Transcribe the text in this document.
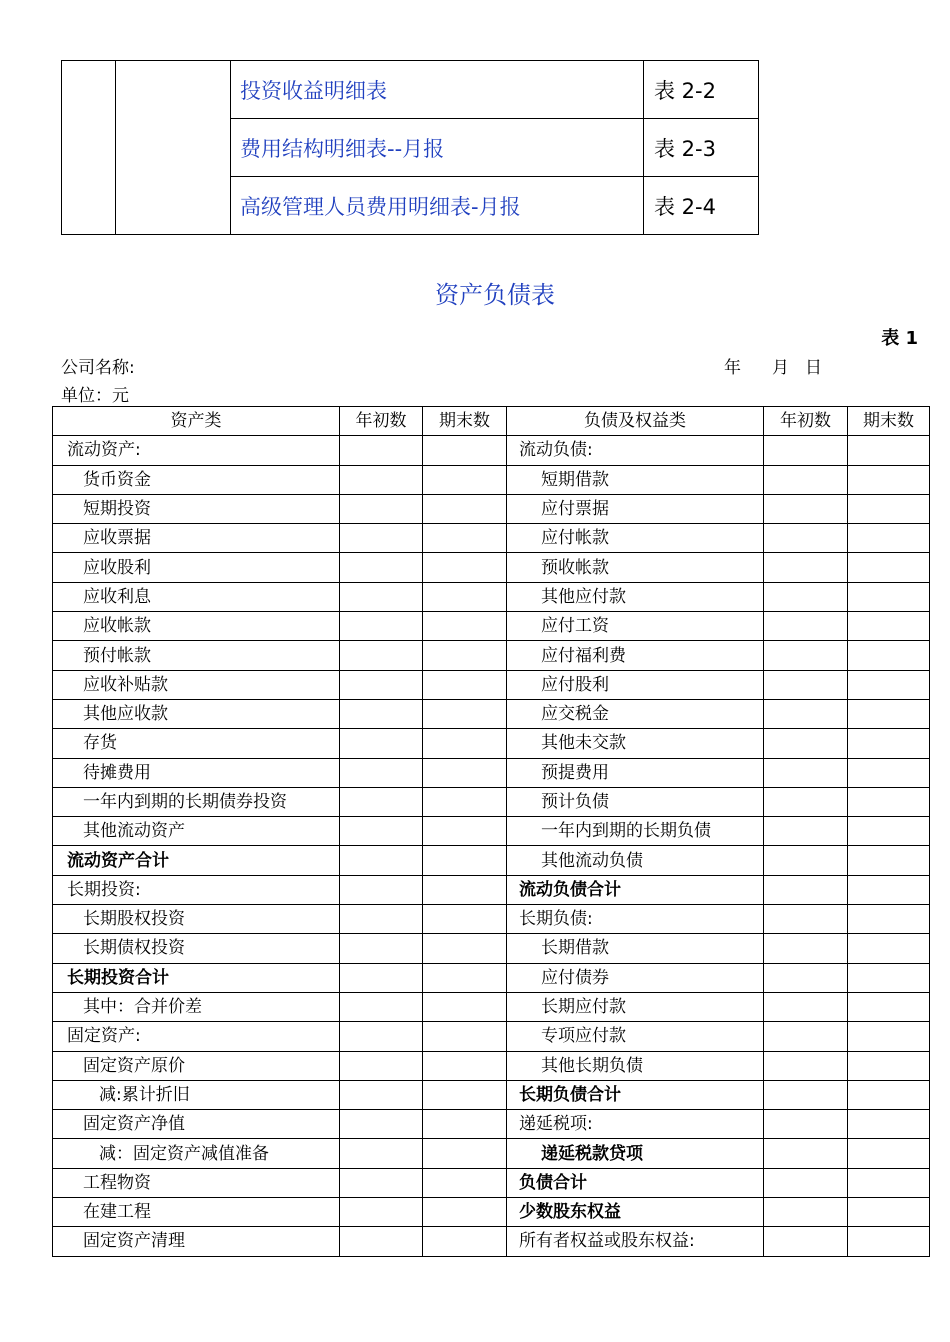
		投资收益明细表	表 2-2
		费用结构明细表--月报	表 2-3
		高级管理人员费用明细表-月报	表 2-4
资产负债表
表 1
公司名称:	年 月 日
单位：元
资产类	年初数	期末数	负债及权益类	年初数	期末数
流动资产:			流动负债:		
货币资金			短期借款		
短期投资			应付票据		
应收票据			应付帐款		
应收股利			预收帐款		
应收利息			其他应付款		
应收帐款			应付工资		
预付帐款			应付福利费		
应收补贴款			应付股利		
其他应收款			应交税金		
存货			其他未交款		
待摊费用			预提费用		
一年内到期的长期债券投资			预计负债		
其他流动资产			一年内到期的长期负债		
流动资产合计			其他流动负债		
长期投资:			流动负债合计		
长期股权投资			长期负债:		
长期债权投资			长期借款		
长期投资合计			应付债券		
其中：合并价差			长期应付款		
固定资产:			专项应付款		
固定资产原价			其他长期负债		
减:累计折旧			长期负债合计		
固定资产净值			递延税项:		
减：固定资产减值准备			递延税款贷项		
工程物资			负债合计		
在建工程			少数股东权益		
固定资产清理			所有者权益或股东权益:		
